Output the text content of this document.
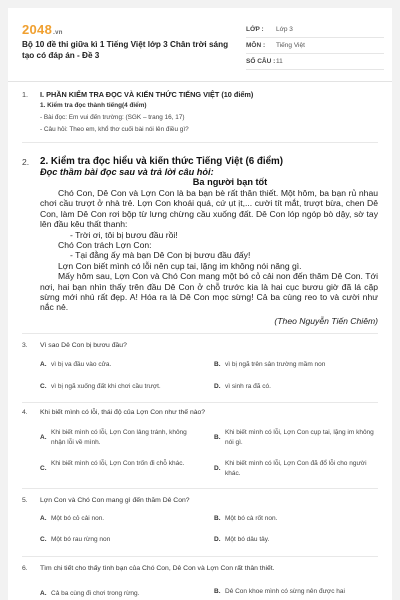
2048.vn
Bộ 10 đề thi giữa kì 1 Tiếng Việt lớp 3 Chân trời sáng tạo có đáp án - Đề 3
LỚP :	Lớp 3
MÔN :	Tiếng Việt
SỐ CÂU : 11
1. I. PHẦN KIỂM TRA ĐỌC VÀ KIẾN THỨC TIẾNG VIỆT (10 điểm)
1. Kiểm tra đọc thành tiếng(4 điểm)
- Bài đọc: Em vui đến trường: (SGK – trang 16, 17)
- Câu hỏi: Theo em, khổ thơ cuối bài nói lên điều gì?
2. 2. Kiểm tra đọc hiểu và kiến thức Tiếng Việt (6 điểm)
Đọc thầm bài đọc sau và trả lời câu hỏi:
Ba người bạn tốt

Chó Con, Dê Con và Lợn Con là ba bạn bè rất thân thiết. Một hôm, ba bạn rủ nhau chơi cầu trượt ở nhà trẻ. Lợn Con khoái quá, cứ ụt ịt,... cười tít mắt, trượt bừa, chen Dê Con, làm Dê Con rơi bộp từ lưng chừng cầu xuống đất. Dê Con lóp ngóp bò dậy, sờ tay lên đầu kêu thất thanh:

- Trời ơi, tôi bị bươu đầu rồi!

Chó Con trách Lợn Con:

- Tại đằng ấy mà bạn Dê Con bị bươu đầu đấy!

Lợn Con biết mình có lỗi nên cụp tai, lặng im không nói năng gì.

Mấy hôm sau, Lợn Con và Chó Con mang một bó cỏ cải non đến thăm Dê Con. Tới nơi, hai bạn nhìn thấy trên đầu Dê Con ở chỗ trước kia là hai cục bươu giờ đã lá cặp sừng mới nhú rất đẹp. A! Hóa ra là Dê Con mọc sừng! Cả ba cùng reo to và cười như nắc nẻ.

(Theo Nguyễn Tiến Chiêm)
3. Vì sao Dê Con bị bươu đầu?
A. vì bị va đầu vào cửa.	B. vì bị ngã trên sân trường mầm non
C. vì bị ngã xuống đất khi chơi cầu trượt.	D. vì sinh ra đã có.
4. Khi biết mình có lỗi, thái độ của Lợn Con như thế nào?
A.
Khi biết mình có lỗi, Lợn Con lảng tránh, không nhận lỗi về mình.
B.
Khi biết mình có lỗi, Lợn Con cụp tai, lặng im không nói gì.
C.
Khi biết mình có lỗi, Lợn Con trốn đi chỗ khác.
D.
Khi biết mình có lỗi, Lợn Con đã đổ lỗi cho người khác.
5. Lợn Con và Chó Con mang gì đến thăm Dê Con?
A. Một bó cỏ cải non.	B. Một bó cà rốt non.
C. Một bó rau rừng non	D. Một bó dâu tây.
6. Tìm chi tiết cho thấy tình bạn của Chó Con, Dê Con và Lợn Con rất thân thiết.
A. Cả ba cùng đi chơi trong rừng.	B. Dê Con khoe mình có sừng nên được hai
